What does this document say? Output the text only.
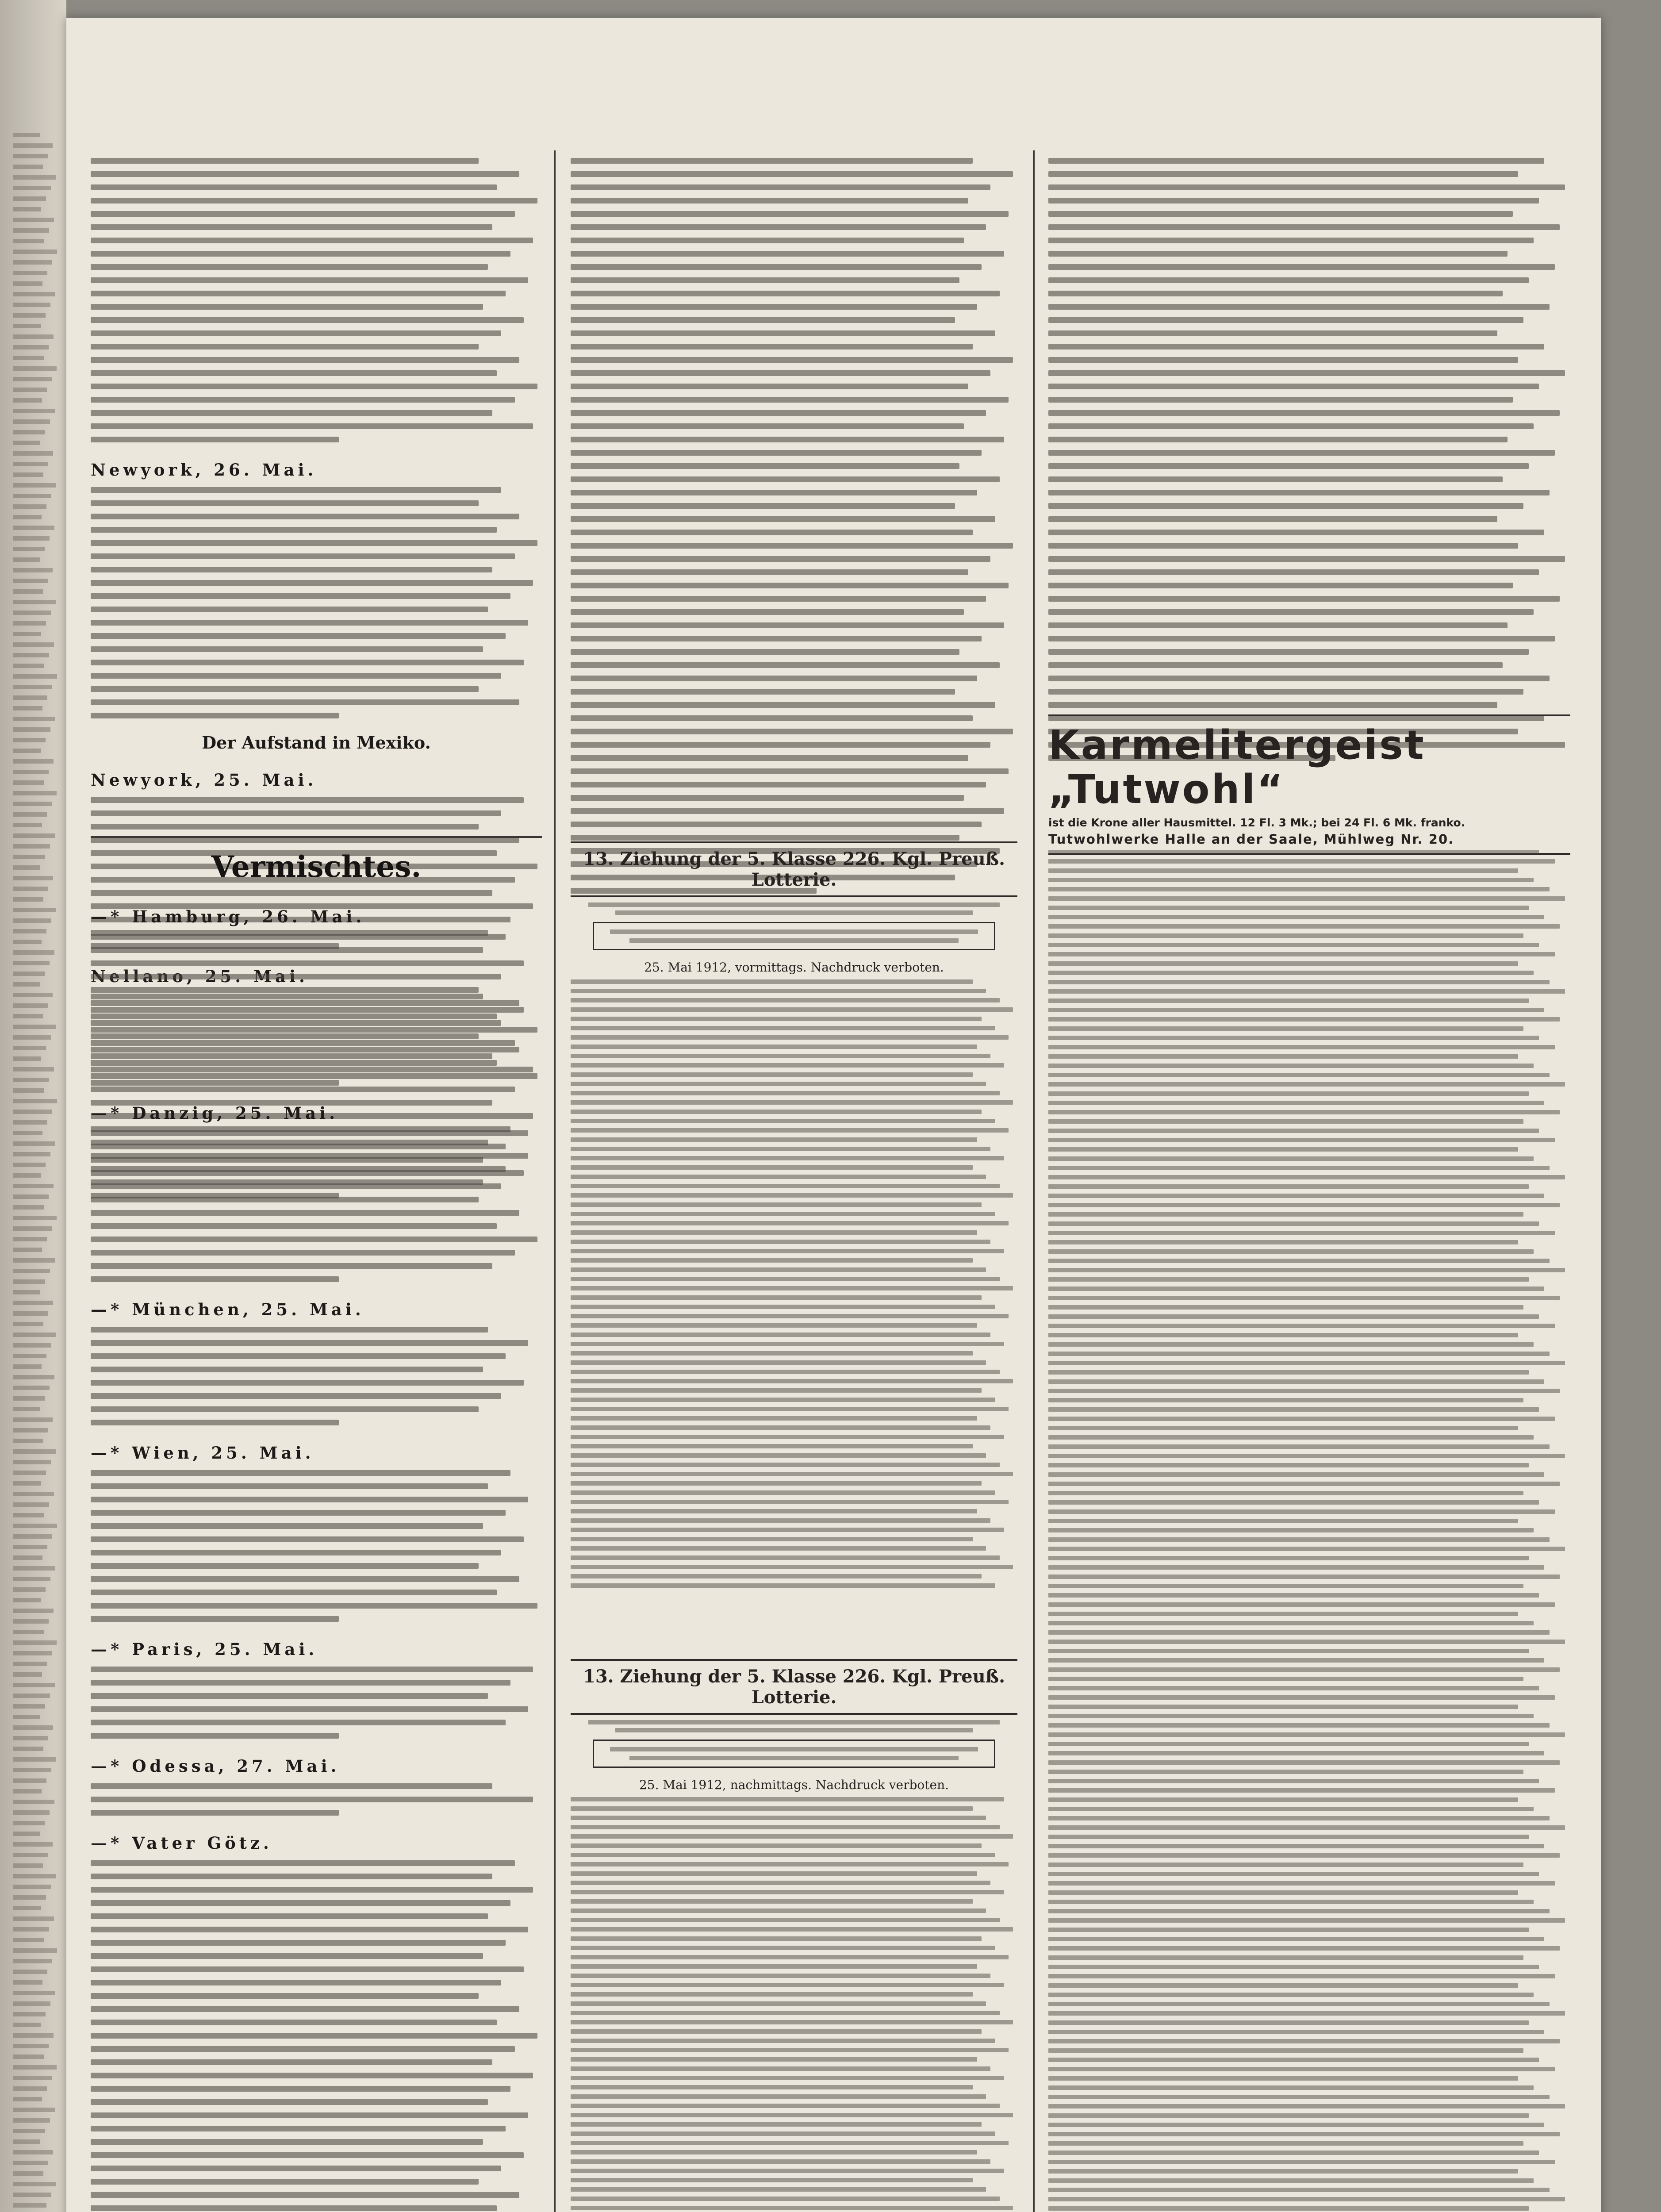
Newyork, 26. Mai.
Der Aufstand in Mexiko.
Newyork, 25. Mai.
Vermischtes.
—* Hamburg, 26. Mai.
—* Danzig, 25. Mai.
—* München, 25. Mai.
—* Wien, 25. Mai.
—* Paris, 25. Mai.
—* Odessa, 27. Mai.
—* Vater Götz.
Karmelitergeist „Tutwohl“
ist die Krone aller Hausmittel. 12 Fl. 3 Mk.; bei 24 Fl. 6 Mk. franko.
Tutwohlwerke Halle an der Saale, Mühlweg Nr. 20.
13. Ziehung der 5. Klasse 226. Kgl. Preuß. Lotterie.
25. Mai 1912, vormittags. Nachdruck verboten.
13. Ziehung der 5. Klasse 226. Kgl. Preuß. Lotterie.
25. Mai 1912, nachmittags. Nachdruck verboten.
